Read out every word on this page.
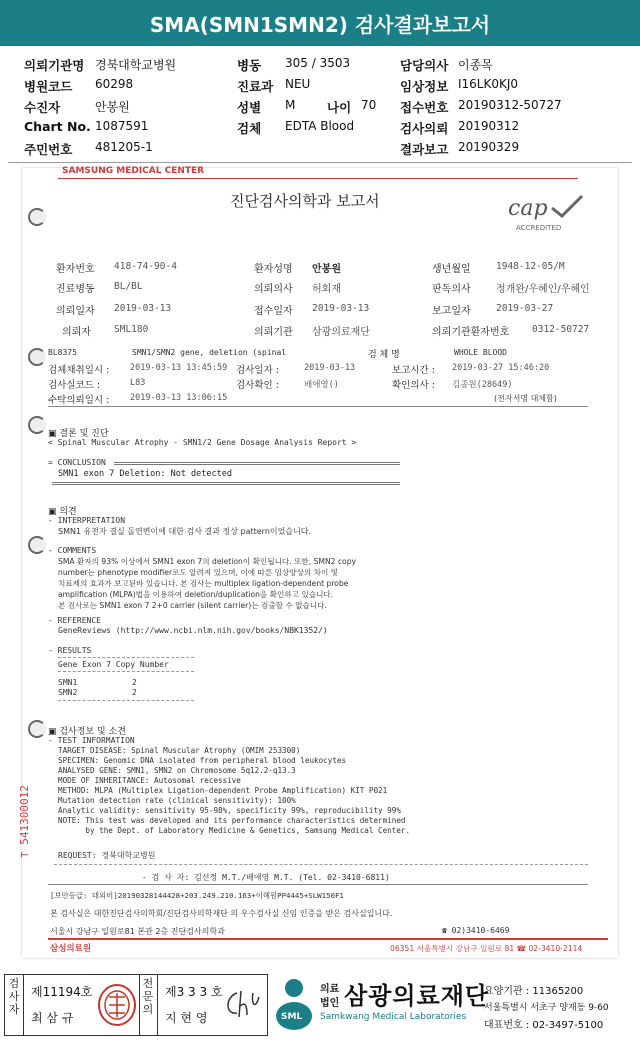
SMA(SMN1SMN2) 검사결과보고서
의뢰기관명 경북대학교병원
병원코드 60298
수진자	안봉원
Chart No. 1087591
주민번호 481205-1
병동 305 / 3503
진료과 NEU
성별 M	나이 70
검체 EDTA Blood
담당의사 이종목
임상정보 I16LK0KJ0
접수번호 20190312-50727
검사의뢰 20190312
결과보고 20190329
SAMSUNG MEDICAL CENTER
진단검사의학과 보고서	cap
ACCREDITED
환자번호 418-74-90-4	환자성명 안봉원	생년월일	1948-12-05/M
진료병동 BL/BL	의뢰의사 허회재	판독의사	정개완/우혜인/우혜인
의뢰일자 2019-03-13	접수일자 2019-03-13	보고일자	2019-03-27
의뢰자 SML180	의뢰기관 삼광의료재단	의뢰기관환자번호 0312-50727
BL8375	SMN1/SMN2 gene, deletion (spinal	검 체 명	WHOLE BLOOD
검체채취일시 : 2019-03-13 13:45:59 검사일자 :	2019-03-13	보고시간 : 2019-03-27 15:46:20
검사실코드 :	L83	검사확인 :	배애영()	확인의사 : 김종원(28649)
수탁의뢰일시 : 2019-03-13 13:06:15	(전자서명 대체함)
▣ 결론 및 진단
< Spinal Muscular Atrophy - SMN1/2 Gene Dosage Analysis Report >
= CONCLUSION
SMN1 exon 7 Deletion: Not detected
▣ 의견
- INTERPRETATION
SMN1 유전자 결실 돌연변이에 대한 검사 결과 정상 pattern이었습니다.
- COMMENTS
SMA 환자의 93% 이상에서 SMN1 exon 7의 deletion이 확인됩니다. 또한, SMN2 copy
number는 phenotype modifier로도 알려져 있으며, 이에 따른 임상양상의 차이 및
치료제의 효과가 보고된바 있습니다. 본 검사는 multiplex ligation-dependent probe
amplification (MLPA)법을 이용하여 deletion/duplication을 확인하고 있습니다.
본 검사로는 SMN1 exon 7 2+0 carrier (silent carrier)는 검출할 수 없습니다.
- REFERENCE
GeneReviews (http://www.ncbi.nlm.nih.gov/books/NBK1352/)
- RESULTS
Gene Exon 7 Copy Number
SMN1	2
SMN2	2
▣ 검사정보 및 소견
- TEST INFORMATION
TARGET DISEASE: Spinal Muscular Atrophy (OMIM 253300)
SPECIMEN: Genomic DNA isolated from peripheral blood leukocytes
ANALYSED GENE: SMN1, SMN2 on Chromosome 5q12.2-q13.3
MODE OF INHERITANCE: Autosomal recessive
METHOD: MLPA (Multiplex Ligation-dependent Probe Amplification) KIT P021
Mutation detection rate (clinical sensitivity): 100%
Analytic validity: sensitivity 95-98%, specificity 99%, reproducibility 99%
NOTE: This test was developed and its performance characteristics determined
by the Dept. of Laboratory Medicine & Genetics, Samsung Medical Center.
REQUEST: 경북대학교병원
- 검 사 자: 김선정 M.T./배애영 M.T. (Tel. 02-3410-6811)
[보안등급: 대외비]20190328144428+203.249.210.163+이혜원PP4445+SLW150F1
본 검사실은 대한진단검사의학회/진단검사의학재단 의 우수검사실 신임 인증을 받은 검사실입니다.
서울시 강남구 일원로81 본관 2층 진단검사의학과	☎ 02)3410-6469
⊤ 541300012
삼성의료원	06351 서울특별시 강남구 일원로 81 ☎ 02-3410-2114
검사자
제11194호
최 삼 규
전문의
제3 3 3 호
지 현 영	SML
의료
법인 삼광의료재단
Samkwang Medical Laboratories
요양기관 : 11365200
서울특별시 서초구 양재동 9-60
대표번호 : 02-3497-5100
